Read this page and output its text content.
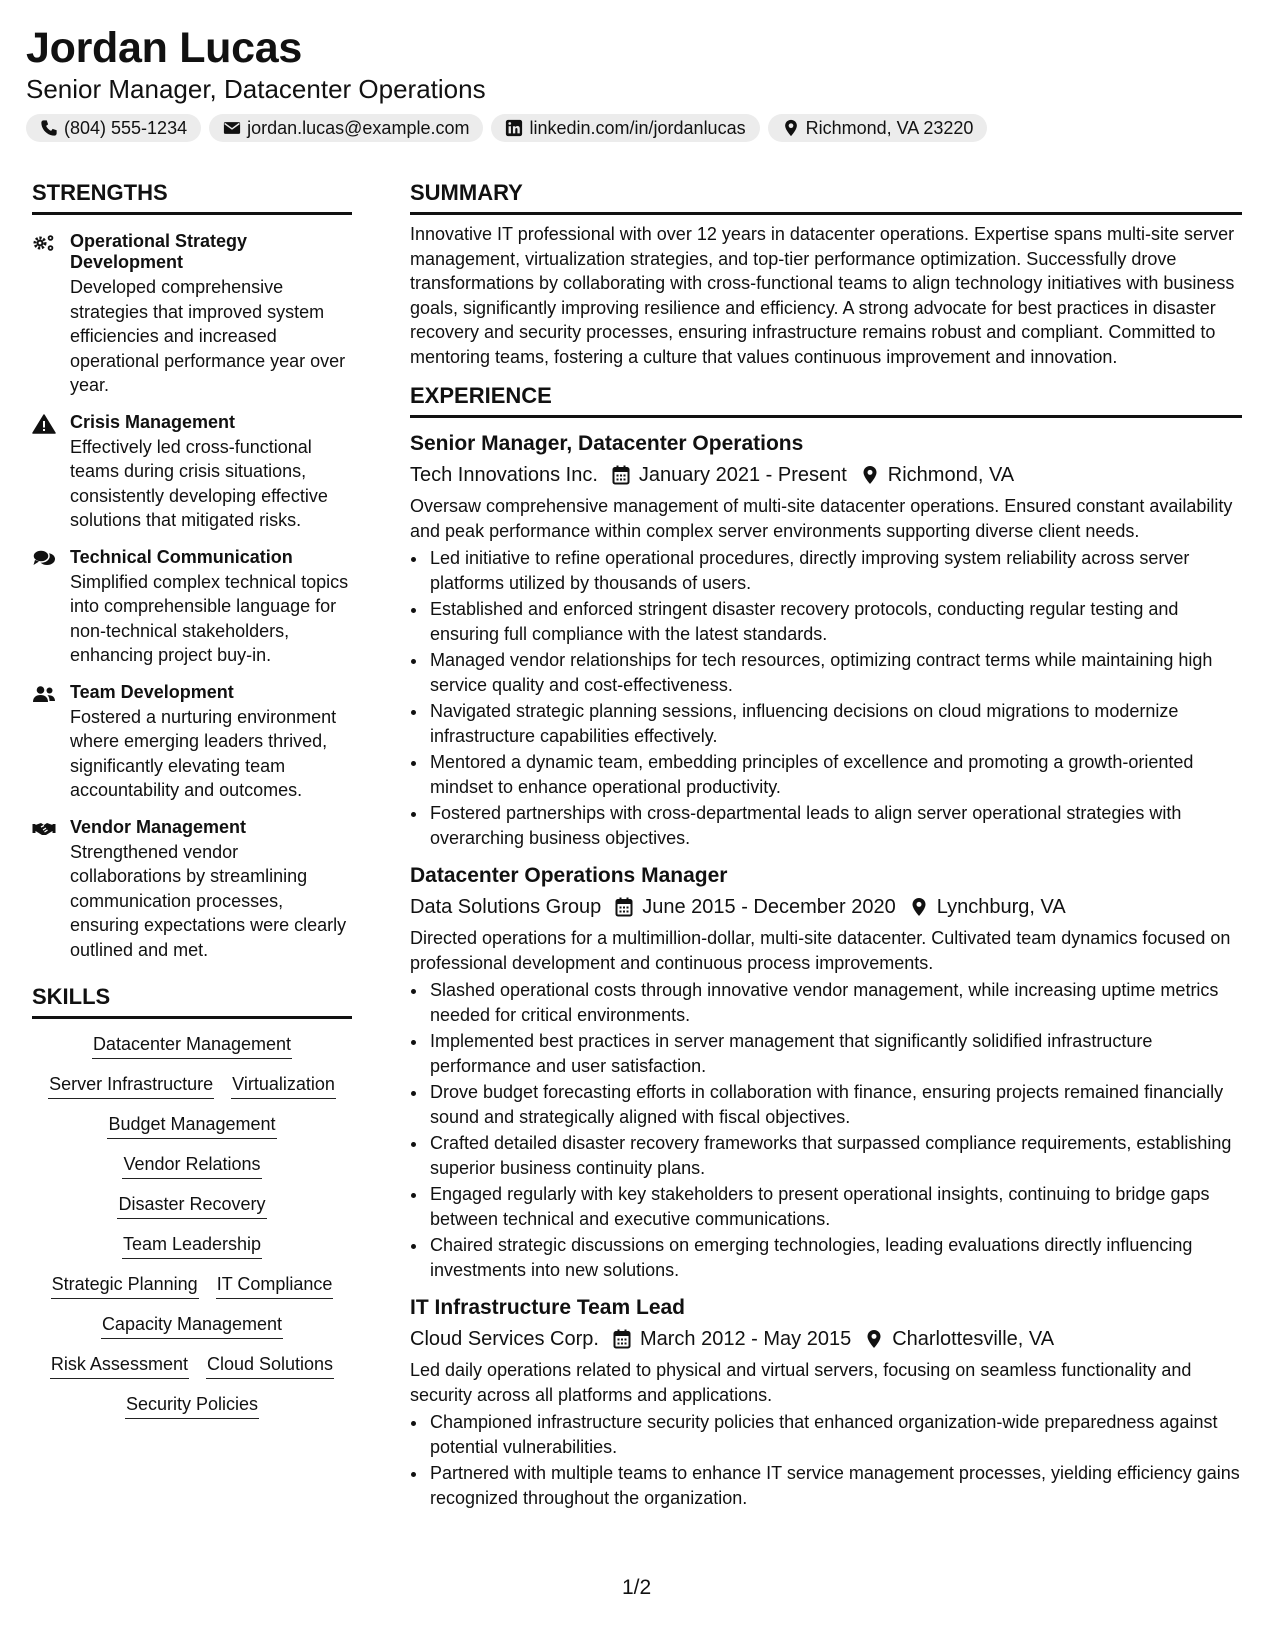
Jordan Lucas
Senior Manager, Datacenter Operations
(804) 555-1234	jordan.lucas@example.com	linkedin.com/in/jordanlucas	Richmond, VA 23220
STRENGTHS
Operational Strategy Development
Developed comprehensive strategies that improved system efficiencies and increased operational performance year over year.
Crisis Management
Effectively led cross-functional teams during crisis situations, consistently developing effective solutions that mitigated risks.
Technical Communication
Simplified complex technical topics into comprehensible language for non-technical stakeholders, enhancing project buy-in.
Team Development
Fostered a nurturing environment where emerging leaders thrived, significantly elevating team accountability and outcomes.
Vendor Management
Strengthened vendor collaborations by streamlining communication processes, ensuring expectations were clearly outlined and met.
SKILLS
Datacenter Management
Server Infrastructure Virtualization
Budget Management
Vendor Relations
Disaster Recovery
Team Leadership
Strategic Planning IT Compliance
Capacity Management
Risk Assessment Cloud Solutions
Security Policies
SUMMARY
Innovative IT professional with over 12 years in datacenter operations. Expertise spans multi-site server management, virtualization strategies, and top-tier performance optimization. Successfully drove transformations by collaborating with cross-functional teams to align technology initiatives with business goals, significantly improving resilience and efficiency. A strong advocate for best practices in disaster recovery and security processes, ensuring infrastructure remains robust and compliant. Committed to mentoring teams, fostering a culture that values continuous improvement and innovation.
EXPERIENCE
Senior Manager, Datacenter Operations
Tech Innovations Inc. January 2021 - Present Richmond, VA
Oversaw comprehensive management of multi-site datacenter operations. Ensured constant availability and peak performance within complex server environments supporting diverse client needs.
• Led initiative to refine operational procedures, directly improving system reliability across server platforms utilized by thousands of users.
• Established and enforced stringent disaster recovery protocols, conducting regular testing and ensuring full compliance with the latest standards.
• Managed vendor relationships for tech resources, optimizing contract terms while maintaining high service quality and cost-effectiveness.
• Navigated strategic planning sessions, influencing decisions on cloud migrations to modernize infrastructure capabilities effectively.
• Mentored a dynamic team, embedding principles of excellence and promoting a growth-oriented mindset to enhance operational productivity.
• Fostered partnerships with cross-departmental leads to align server operational strategies with overarching business objectives.
Datacenter Operations Manager
Data Solutions Group June 2015 - December 2020 Lynchburg, VA
Directed operations for a multimillion-dollar, multi-site datacenter. Cultivated team dynamics focused on professional development and continuous process improvements.
• Slashed operational costs through innovative vendor management, while increasing uptime metrics needed for critical environments.
• Implemented best practices in server management that significantly solidified infrastructure performance and user satisfaction.
• Drove budget forecasting efforts in collaboration with finance, ensuring projects remained financially sound and strategically aligned with fiscal objectives.
• Crafted detailed disaster recovery frameworks that surpassed compliance requirements, establishing superior business continuity plans.
• Engaged regularly with key stakeholders to present operational insights, continuing to bridge gaps between technical and executive communications.
• Chaired strategic discussions on emerging technologies, leading evaluations directly influencing investments into new solutions.
IT Infrastructure Team Lead
Cloud Services Corp. March 2012 - May 2015 Charlottesville, VA
Led daily operations related to physical and virtual servers, focusing on seamless functionality and security across all platforms and applications.
• Championed infrastructure security policies that enhanced organization-wide preparedness against potential vulnerabilities.
• Partnered with multiple teams to enhance IT service management processes, yielding efficiency gains recognized throughout the organization.
1/2
